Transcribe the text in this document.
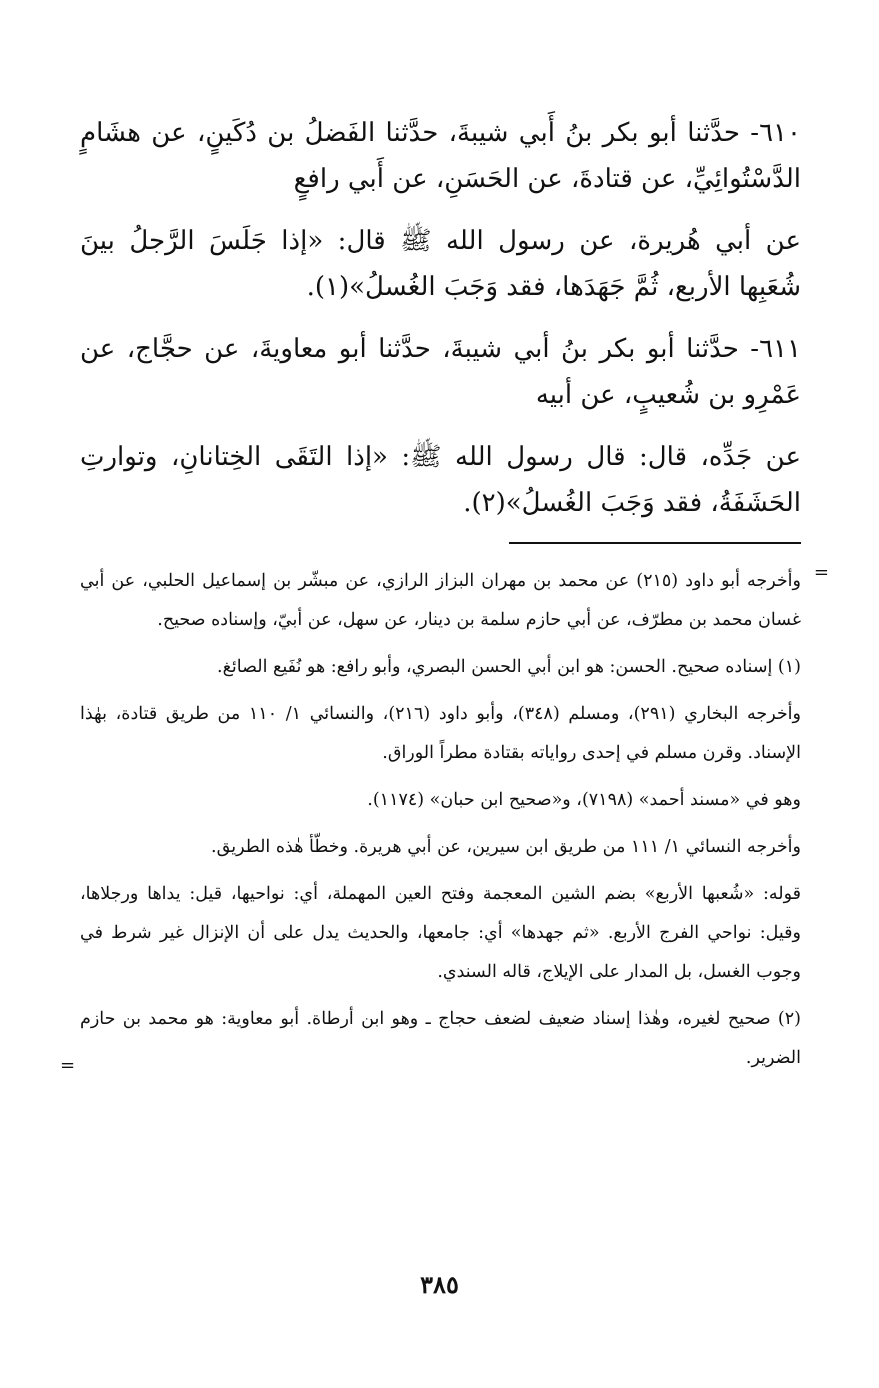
٦١٠- حدَّثنا أبو بكر بنُ أَبي شيبةَ، حدَّثنا الفَضلُ بن دُكَينٍ، عن هشَامٍ الدَّسْتُوائِيِّ، عن قتادةَ، عن الحَسَنِ، عن أَبي رافعٍ

عن أبي هُريرة، عن رسول الله ﷺ قال: «إذا جَلَسَ الرَّجلُ بينَ شُعَبِها الأربع، ثُمَّ جَهَدَها، فقد وَجَبَ الغُسلُ»(١).

٦١١- حدَّثنا أبو بكر بنُ أبي شيبةَ، حدَّثنا أبو معاويةَ، عن حجَّاج، عن عَمْرِو بن شُعيبٍ، عن أبيه

عن جَدِّه، قال: قال رسول الله ﷺ: «إذا التَقَى الخِتانانِ، وتوارتِ الحَشَفَةُ، فقد وَجَبَ الغُسلُ»(٢).

=

وأخرجه أبو داود (٢١٥) عن محمد بن مهران البزاز الرازي، عن مبشّر بن إسماعيل الحلبي، عن أبي غسان محمد بن مطرّف، عن أبي حازم سلمة بن دينار، عن سهل، عن أبيّ، وإسناده صحيح.

(١) إسناده صحيح. الحسن: هو ابن أبي الحسن البصري، وأبو رافع: هو نُفَيع الصائغ.

وأخرجه البخاري (٢٩١)، ومسلم (٣٤٨)، وأبو داود (٢١٦)، والنسائي ١/ ١١٠ من طريق قتادة، بهٰذا الإسناد. وقرن مسلم في إحدى رواياته بقتادة مطراً الوراق.

وهو في «مسند أحمد» (٧١٩٨)، و«صحيح ابن حبان» (١١٧٤).

وأخرجه النسائي ١/ ١١١ من طريق ابن سيرين، عن أبي هريرة. وخطّأ هٰذه الطريق.

قوله: «شُعبها الأربع» بضم الشين المعجمة وفتح العين المهملة، أي: نواحيها، قيل: يداها ورجلاها، وقيل: نواحي الفرج الأربع. «ثم جهدها» أي: جامعها، والحديث يدل على أن الإنزال غير شرط في وجوب الغسل، بل المدار على الإيلاج، قاله السندي.

(٢) صحيح لغيره، وهٰذا إسناد ضعيف لضعف حجاج ـ وهو ابن أرطاة. أبو معاوية: هو محمد بن حازم الضرير.

=
٣٨٥
